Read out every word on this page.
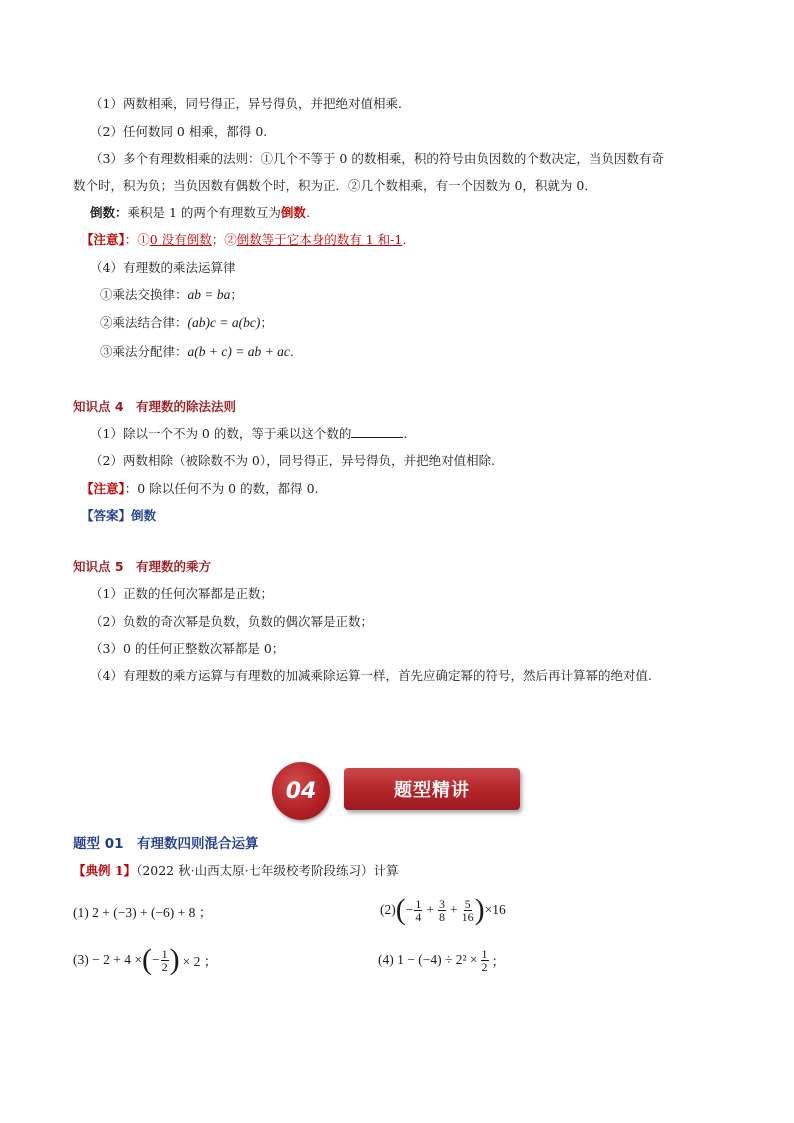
（1）两数相乘，同号得正，异号得负，并把绝对值相乘.
（2）任何数同 0 相乘，都得 0.
（3）多个有理数相乘的法则：①几个不等于 0 的数相乘，积的符号由负因数的个数决定，当负因数有奇
数个时，积为负；当负因数有偶数个时，积为正．②几个数相乘，有一个因数为 0，积就为 0．
倒数：乘积是 1 的两个有理数互为倒数.
【注意】：①0 没有倒数；②倒数等于它本身的数有 1 和-1.
（4）有理数的乘法运算律
①乘法交换律：ab = ba；
②乘法结合律：(ab)c = a(bc)；
③乘法分配律：a(b + c) = ab + ac.
知识点 4　有理数的除法法则
（1）除以一个不为 0 的数，等于乘以这个数的	.
（2）两数相除（被除数不为 0），同号得正，异号得负，并把绝对值相除.
【注意】：0 除以任何不为 0 的数，都得 0.
【答案】倒数
知识点 5　有理数的乘方
（1）正数的任何次幂都是正数；
（2）负数的奇次幂是负数，负数的偶次幂是正数；
（3）0 的任何正整数次幂都是 0；
（4）有理数的乘方运算与有理数的加减乘除运算一样，首先应确定幂的符号，然后再计算幂的绝对值.
04	题型精讲
题型 01　有理数四则混合运算
【典例 1】（2022 秋·山西太原·七年级校考阶段练习）计算
(1) 2 + (−3) + (−6) + 8 ；	(2) ( − $\frac{1}{4} + \frac{3}{8} + \frac{5}{16}$ ) ×16
(3) − 2 + 4 × ( − $\frac{1}{2}$ ) × 2 ；	(4) $1 - (-4) \div 2^2 \times \frac{1}{2}$ ；
